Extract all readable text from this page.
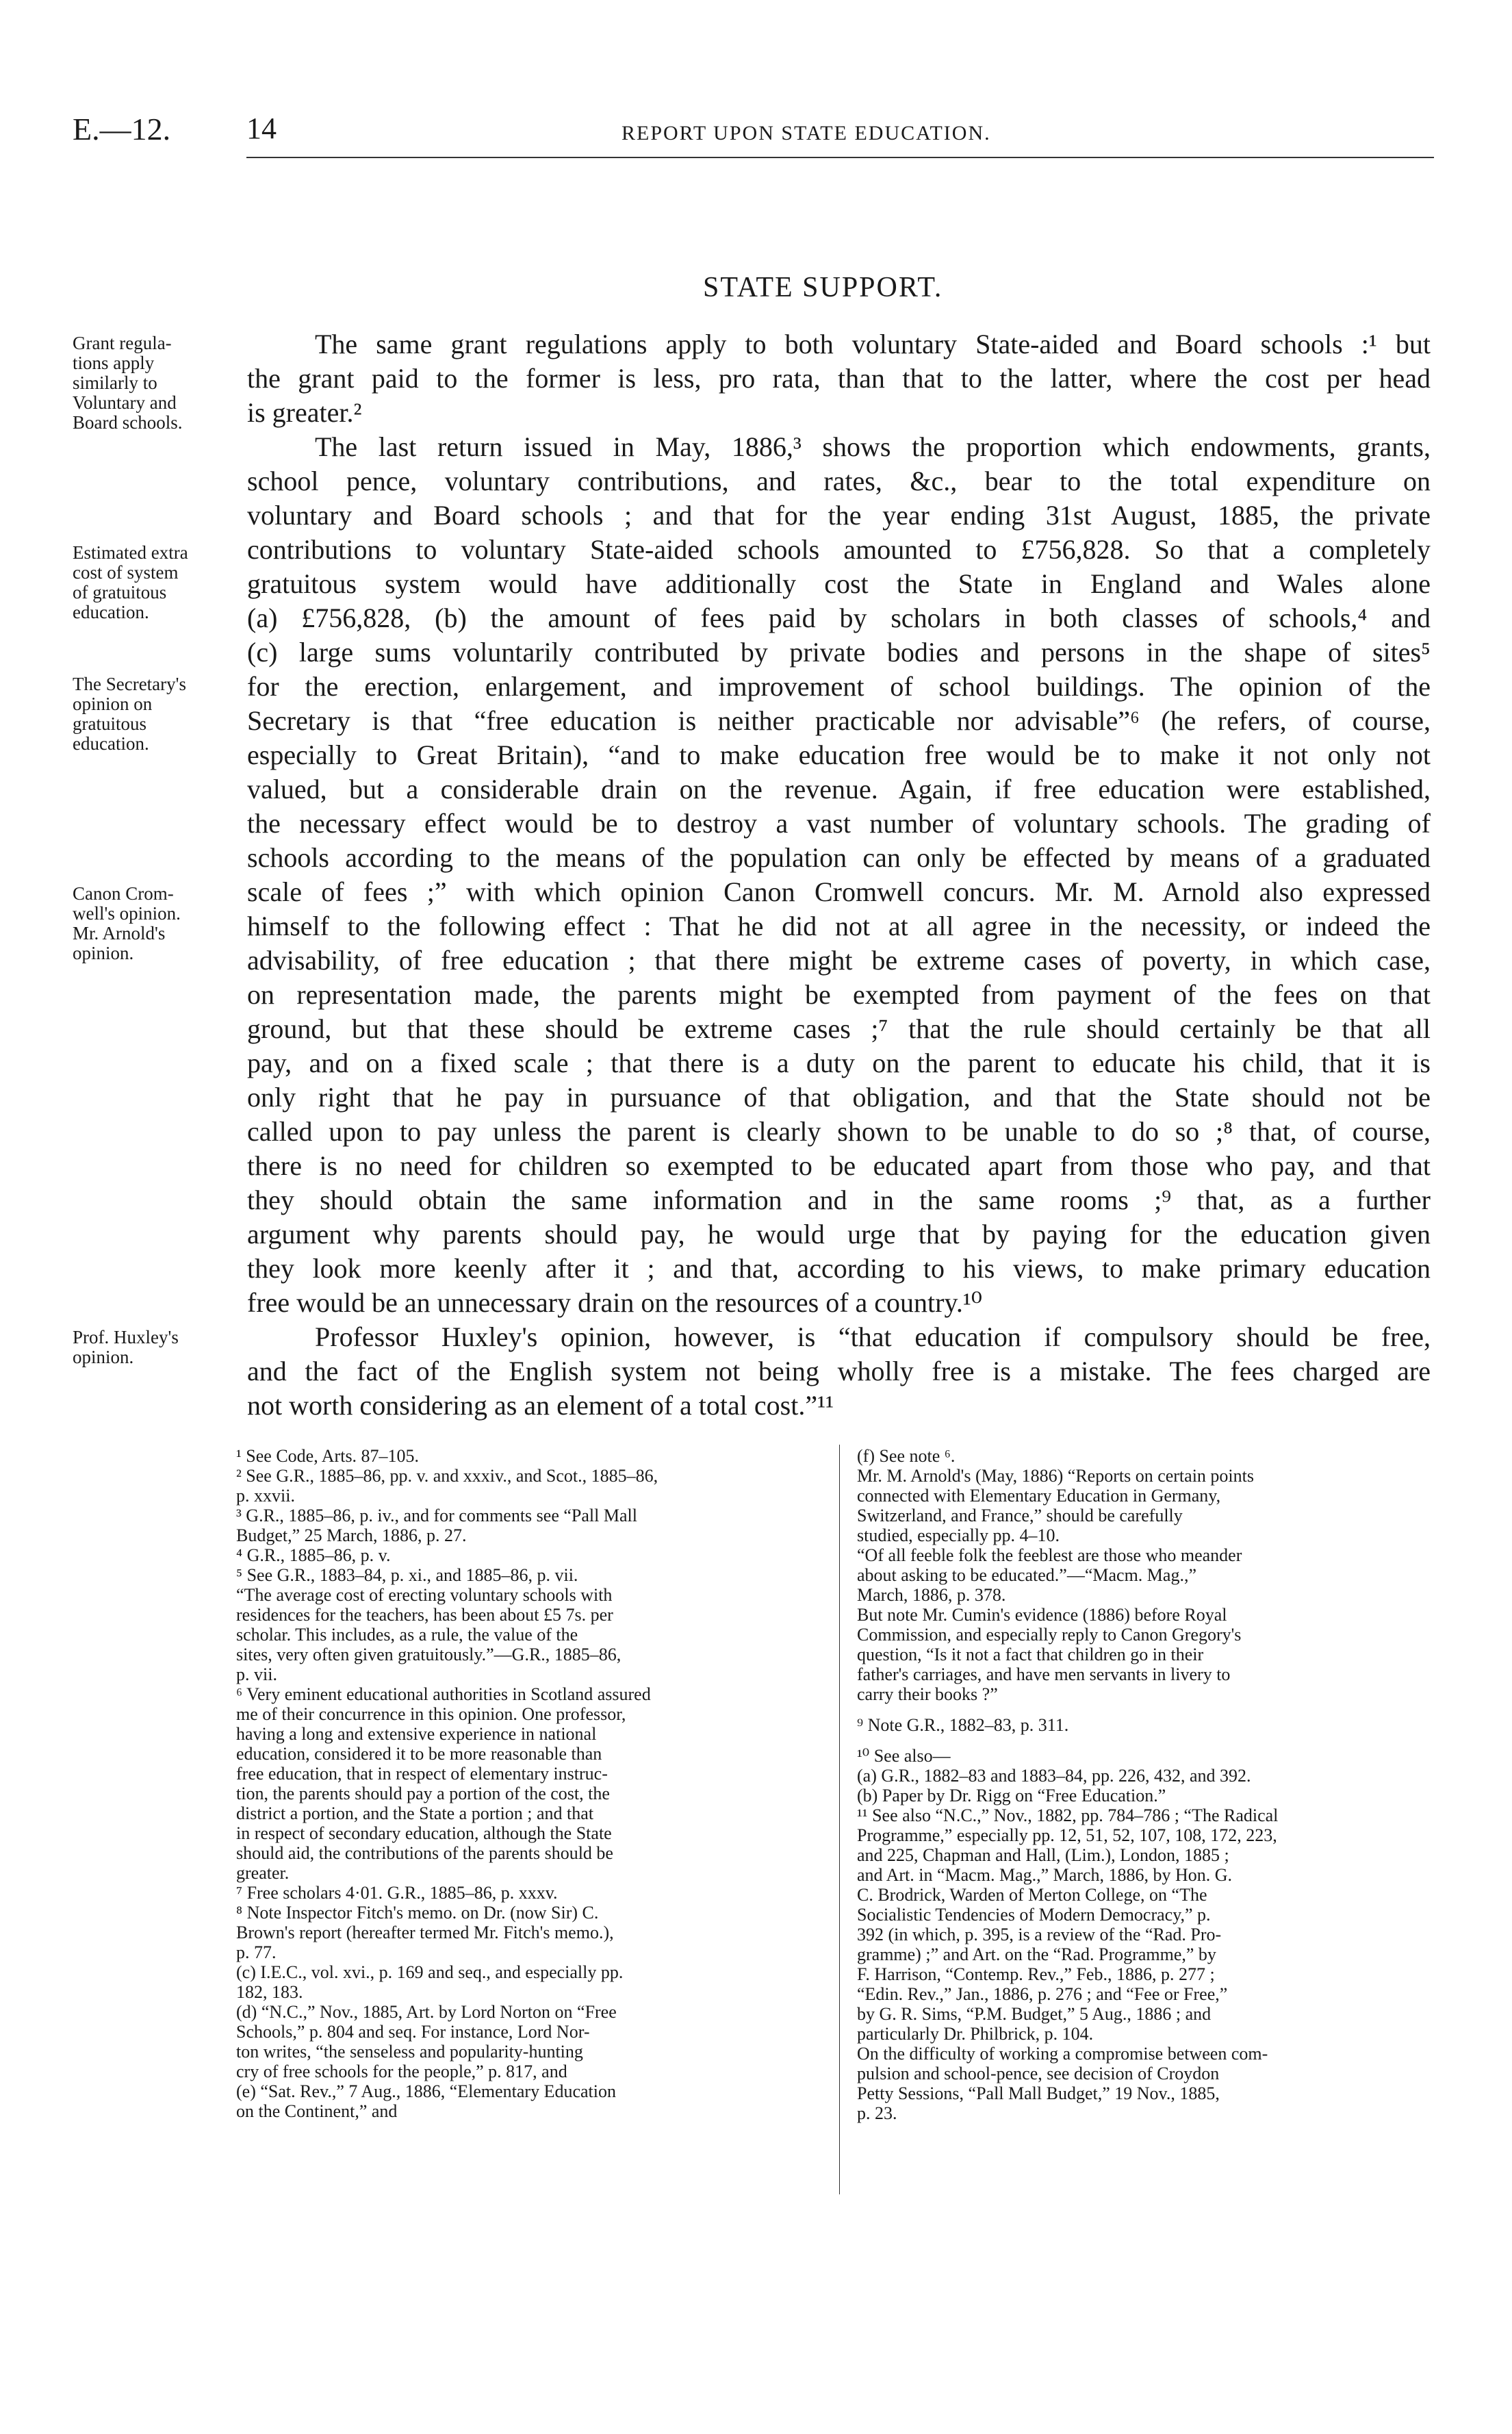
E.—12.	14	REPORT UPON STATE EDUCATION.
STATE SUPPORT.
Grant regula-
tions apply
similarly to
Voluntary and
Board schools.
Estimated extra
cost of system
of gratuitous
education.
The Secretary's
opinion on
gratuitous
education.
Canon Crom-
well's opinion.
Mr. Arnold's
opinion.
Prof. Huxley's
opinion.
The same grant regulations apply to both voluntary State-aided and Board schools :¹ but
the grant paid to the former is less, pro rata, than that to the latter, where the cost per head
is greater.²
The last return issued in May, 1886,³ shows the proportion which endowments, grants,
school pence, voluntary contributions, and rates, &c., bear to the total expenditure on
voluntary and Board schools ; and that for the year ending 31st August, 1885, the private
contributions to voluntary State-aided schools amounted to £756,828. So that a completely
gratuitous system would have additionally cost the State in England and Wales alone
(a) £756,828, (b) the amount of fees paid by scholars in both classes of schools,⁴ and
(c) large sums voluntarily contributed by private bodies and persons in the shape of sites⁵
for the erection, enlargement, and improvement of school buildings. The opinion of the
Secretary is that “free education is neither practicable nor advisable”⁶ (he refers, of course,
especially to Great Britain), “and to make education free would be to make it not only not
valued, but a considerable drain on the revenue. Again, if free education were established,
the necessary effect would be to destroy a vast number of voluntary schools. The grading of
schools according to the means of the population can only be effected by means of a graduated
scale of fees ;” with which opinion Canon Cromwell concurs. Mr. M. Arnold also expressed
himself to the following effect : That he did not at all agree in the necessity, or indeed the
advisability, of free education ; that there might be extreme cases of poverty, in which case,
on representation made, the parents might be exempted from payment of the fees on that
ground, but that these should be extreme cases ;⁷ that the rule should certainly be that all
pay, and on a fixed scale ; that there is a duty on the parent to educate his child, that it is
only right that he pay in pursuance of that obligation, and that the State should not be
called upon to pay unless the parent is clearly shown to be unable to do so ;⁸ that, of course,
there is no need for children so exempted to be educated apart from those who pay, and that
they should obtain the same information and in the same rooms ;⁹ that, as a further
argument why parents should pay, he would urge that by paying for the education given
they look more keenly after it ; and that, according to his views, to make primary education
free would be an unnecessary drain on the resources of a country.¹⁰
Professor Huxley's opinion, however, is “that education if compulsory should be free,
and the fact of the English system not being wholly free is a mistake. The fees charged are
not worth considering as an element of a total cost.”¹¹
¹ See Code, Arts. 87–105.
² See G.R., 1885–86, pp. v. and xxxiv., and Scot., 1885–86,
p. xxvii.
³ G.R., 1885–86, p. iv., and for comments see “Pall Mall
Budget,” 25 March, 1886, p. 27.
⁴ G.R., 1885–86, p. v.
⁵ See G.R., 1883–84, p. xi., and 1885–86, p. vii.
“The average cost of erecting voluntary schools with
residences for the teachers, has been about £5 7s. per
scholar. This includes, as a rule, the value of the
sites, very often given gratuitously.”—G.R., 1885–86,
p. vii.
⁶ Very eminent educational authorities in Scotland assured
me of their concurrence in this opinion. One professor,
having a long and extensive experience in national
education, considered it to be more reasonable than
free education, that in respect of elementary instruc-
tion, the parents should pay a portion of the cost, the
district a portion, and the State a portion ; and that
in respect of secondary education, although the State
should aid, the contributions of the parents should be
greater.
⁷ Free scholars 4·01. G.R., 1885–86, p. xxxv.
⁸ Note Inspector Fitch's memo. on Dr. (now Sir) C.
Brown's report (hereafter termed Mr. Fitch's memo.),
p. 77.
(c) I.E.C., vol. xvi., p. 169 and seq., and especially pp.
182, 183.
(d) “N.C.,” Nov., 1885, Art. by Lord Norton on “Free
Schools,” p. 804 and seq. For instance, Lord Nor-
ton writes, “the senseless and popularity-hunting
cry of free schools for the people,” p. 817, and
(e) “Sat. Rev.,” 7 Aug., 1886, “Elementary Education
on the Continent,” and
(f) See note ⁶.
Mr. M. Arnold's (May, 1886) “Reports on certain points
connected with Elementary Education in Germany,
Switzerland, and France,” should be carefully
studied, especially pp. 4–10.
“Of all feeble folk the feeblest are those who meander
about asking to be educated.”—“Macm. Mag.,”
March, 1886, p. 378.
But note Mr. Cumin's evidence (1886) before Royal
Commission, and especially reply to Canon Gregory's
question, “Is it not a fact that children go in their
father's carriages, and have men servants in livery to
carry their books ?”
⁹ Note G.R., 1882–83, p. 311.
¹⁰ See also—
(a) G.R., 1882–83 and 1883–84, pp. 226, 432, and 392.
(b) Paper by Dr. Rigg on “Free Education.”
¹¹ See also “N.C.,” Nov., 1882, pp. 784–786 ; “The Radical
Programme,” especially pp. 12, 51, 52, 107, 108, 172, 223,
and 225, Chapman and Hall, (Lim.), London, 1885 ;
and Art. in “Macm. Mag.,” March, 1886, by Hon. G.
C. Brodrick, Warden of Merton College, on “The
Socialistic Tendencies of Modern Democracy,” p.
392 (in which, p. 395, is a review of the “Rad. Pro-
gramme) ;” and Art. on the “Rad. Programme,” by
F. Harrison, “Contemp. Rev.,” Feb., 1886, p. 277 ;
“Edin. Rev.,” Jan., 1886, p. 276 ; and “Fee or Free,”
by G. R. Sims, “P.M. Budget,” 5 Aug., 1886 ; and
particularly Dr. Philbrick, p. 104.
On the difficulty of working a compromise between com-
pulsion and school-pence, see decision of Croydon
Petty Sessions, “Pall Mall Budget,” 19 Nov., 1885,
p. 23.
